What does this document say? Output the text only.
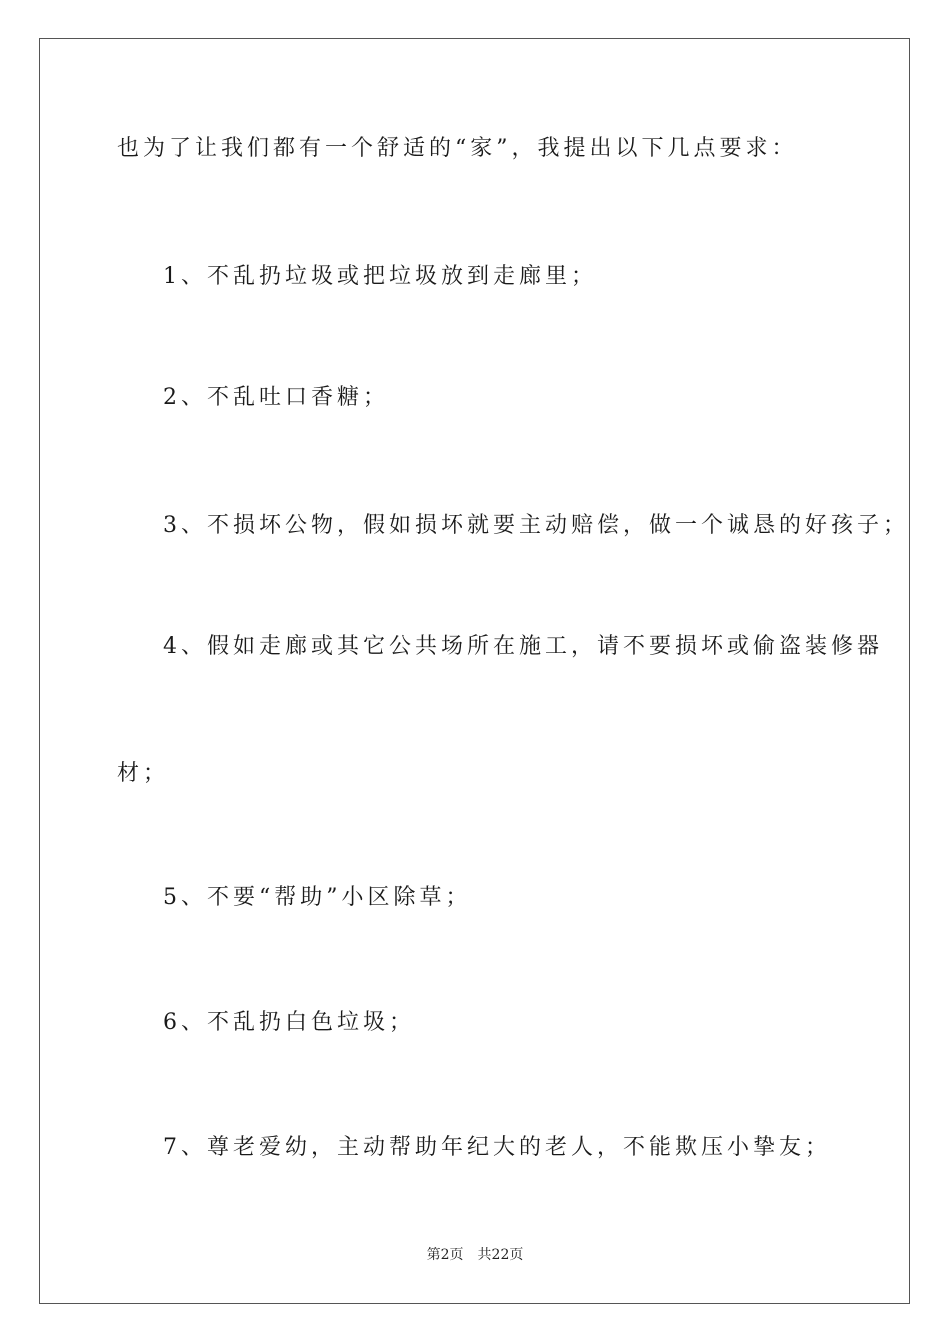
也为了让我们都有一个舒适的“家”，我提出以下几点要求：
1、不乱扔垃圾或把垃圾放到走廊里；
2、不乱吐口香糖；
3、不损坏公物，假如损坏就要主动赔偿，做一个诚恳的好孩子；
4、假如走廊或其它公共场所在施工，请不要损坏或偷盗装修器
材；
5、不要“帮助”小区除草；
6、不乱扔白色垃圾；
7、尊老爱幼，主动帮助年纪大的老人，不能欺压小挚友；
第2页 共22页
